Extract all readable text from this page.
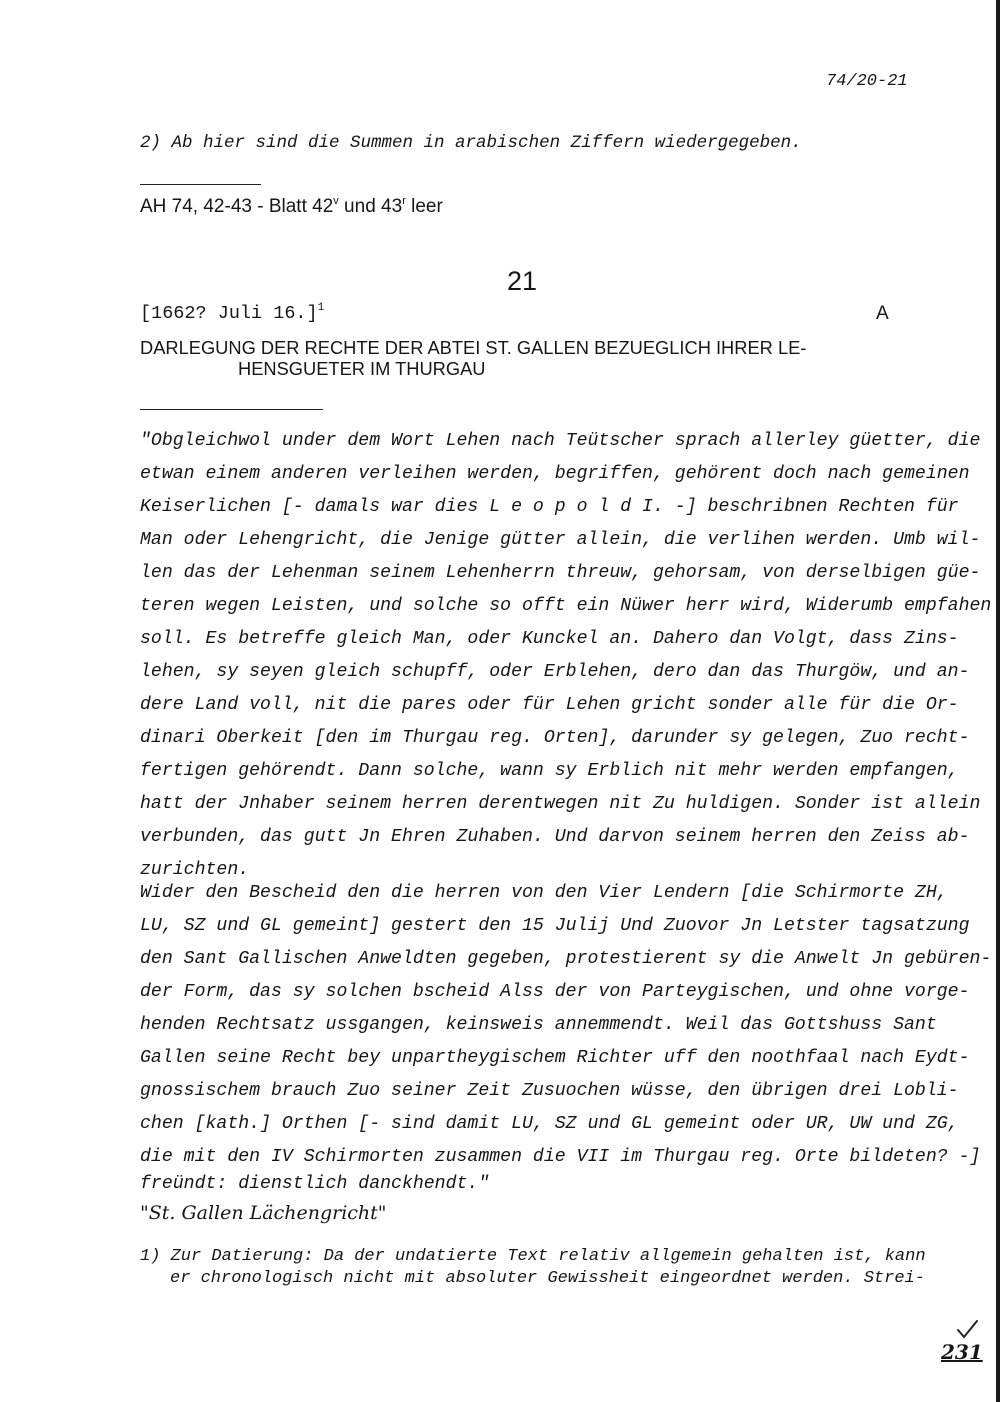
74/20-21
2) Ab hier sind die Summen in arabischen Ziffern wiedergegeben.
AH 74, 42-43 - Blatt 42$^v$ und 43$^r$ leer
21
[1662? Juli 16.]$^1$	A
DARLEGUNG DER RECHTE DER ABTEI ST. GALLEN BEZUEGLICH IHRER LE-
HENSGUETER IM THURGAU
"Obgleichwol under dem Wort Lehen nach Teütscher sprach allerley güetter, die
etwan einem anderen verleihen werden, begriffen, gehörent doch nach gemeinen
Keiserlichen [- damals war dies L e o p o l d I. -] beschribnen Rechten für
Man oder Lehengricht, die Jenige gütter allein, die verlihen werden. Umb wil-
len das der Lehenman seinem Lehenherrn threuw, gehorsam, von derselbigen güe-
teren wegen Leisten, und solche so offt ein Nüwer herr wird, Widerumb empfahen
soll. Es betreffe gleich Man, oder Kunckel an. Dahero dan Volgt, dass Zins-
lehen, sy seyen gleich schupff, oder Erblehen, dero dan das Thurgöw, und an-
dere Land voll, nit die pares oder für Lehen gricht sonder alle für die Or-
dinari Oberkeit [den im Thurgau reg. Orten], darunder sy gelegen, Zuo recht-
fertigen gehörendt. Dann solche, wann sy Erblich nit mehr werden empfangen,
hatt der Jnhaber seinem herren derentwegen nit Zu huldigen. Sonder ist allein
verbunden, das gutt Jn Ehren Zuhaben. Und darvon seinem herren den Zeiss ab-
zurichten.
Wider den Bescheid den die herren von den Vier Lendern [die Schirmorte ZH,
LU, SZ und GL gemeint] gestert den 15 Julij Und Zuovor Jn Letster tagsatzung
den Sant Gallischen Anweldten gegeben, protestierent sy die Anwelt Jn gebüren-
der Form, das sy solchen bscheid Alss der von Parteygischen, und ohne vorge-
henden Rechtsatz ussgangen, keinsweis annemmendt. Weil das Gottshuss Sant
Gallen seine Recht bey unpartheygischem Richter uff den noothfaal nach Eydt-
gnossischem brauch Zuo seiner Zeit Zusuochen wüsse, den übrigen drei Lobli-
chen [kath.] Orthen [- sind damit LU, SZ und GL gemeint oder UR, UW und ZG,
die mit den IV Schirmorten zusammen die VII im Thurgau reg. Orte bildeten? -]
freündt: dienstlich danckhendt."
"St. Gallen Lächengricht"
1) Zur Datierung: Da der undatierte Text relativ allgemein gehalten ist, kann
er chronologisch nicht mit absoluter Gewissheit eingeordnet werden. Strei-
231
